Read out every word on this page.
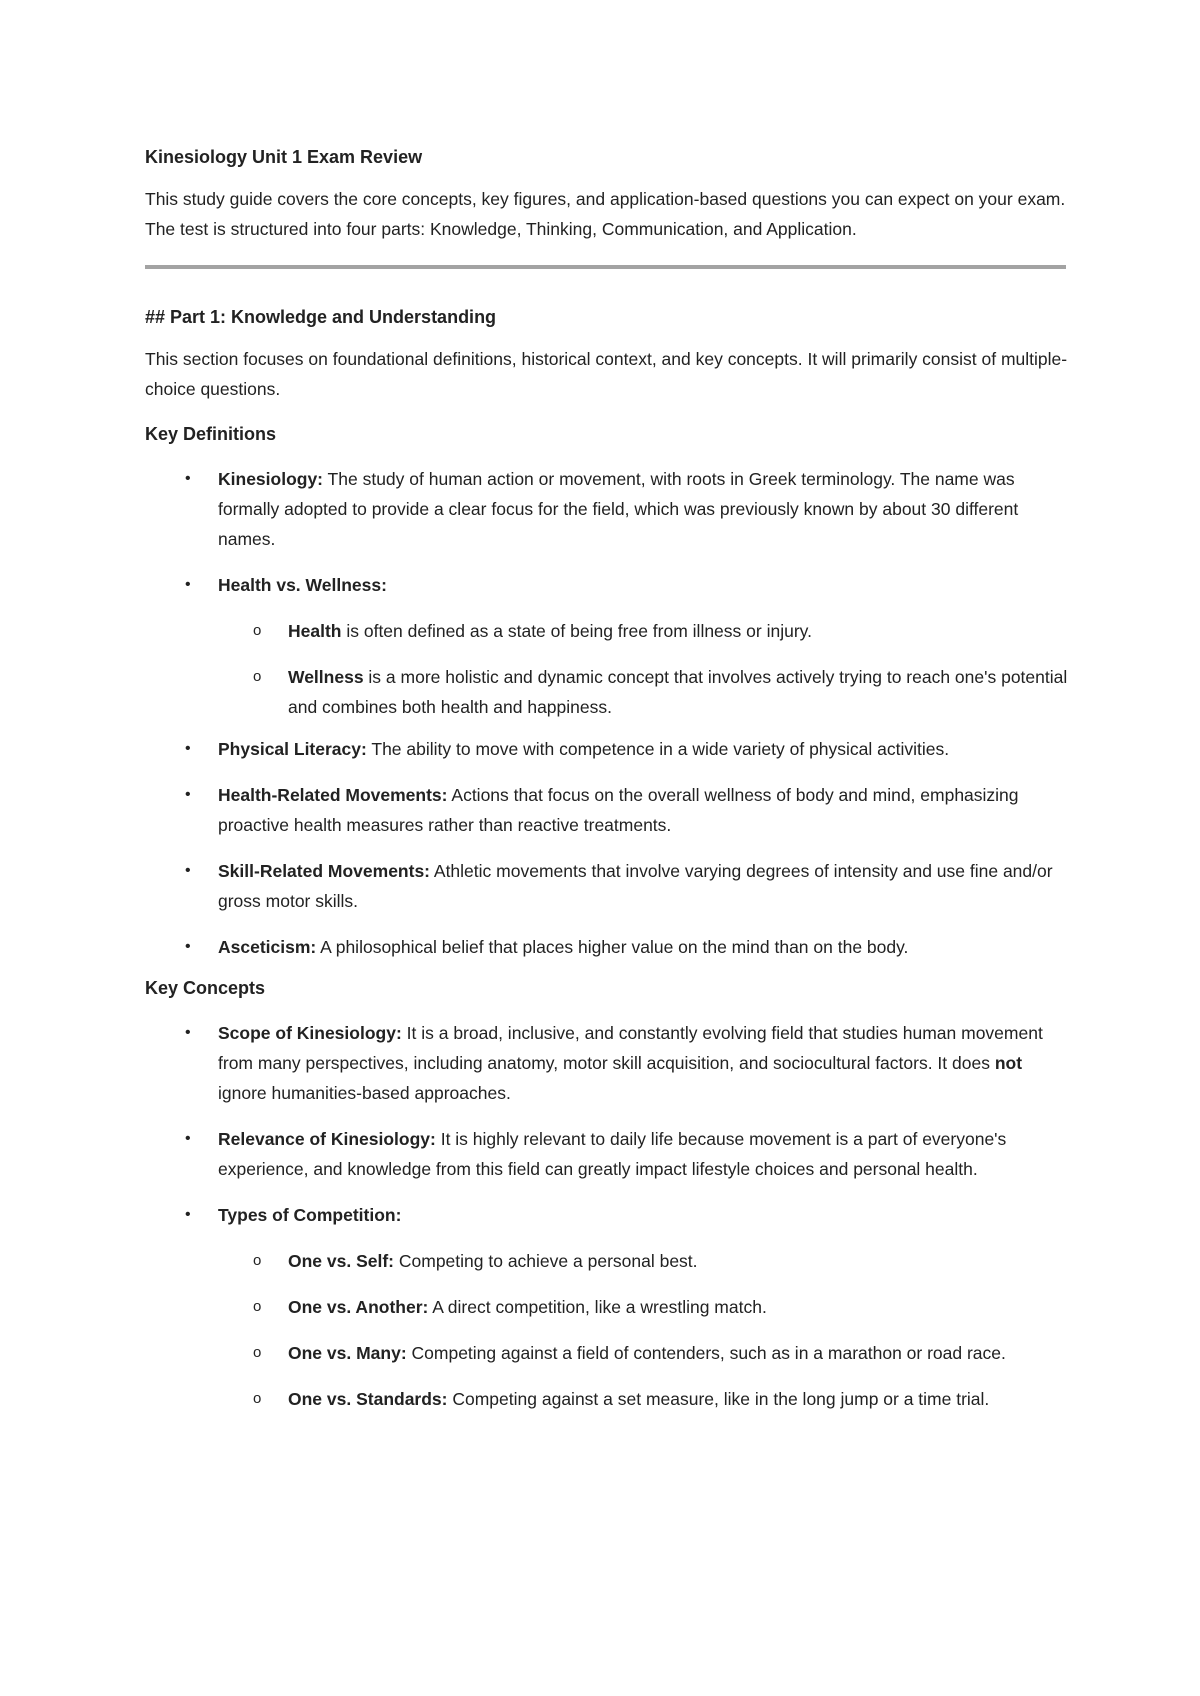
Kinesiology Unit 1 Exam Review

This study guide covers the core concepts, key figures, and application-based questions you can expect on your exam. The test is structured into four parts: Knowledge, Thinking, Communication, and Application.

## Part 1: Knowledge and Understanding

This section focuses on foundational definitions, historical context, and key concepts. It will primarily consist of multiple-choice questions.

Key Definitions

• Kinesiology: The study of human action or movement, with roots in Greek terminology. The name was formally adopted to provide a clear focus for the field, which was previously known by about 30 different names.
• Health vs. Wellness:
o	Health is often defined as a state of being free from illness or injury.
o	Wellness is a more holistic and dynamic concept that involves actively trying to reach one's potential and combines both health and happiness.
• Physical Literacy: The ability to move with competence in a wide variety of physical activities.
• Health-Related Movements: Actions that focus on the overall wellness of body and mind, emphasizing proactive health measures rather than reactive treatments.
• Skill-Related Movements: Athletic movements that involve varying degrees of intensity and use fine and/or gross motor skills.
• Asceticism: A philosophical belief that places higher value on the mind than on the body.

Key Concepts

• Scope of Kinesiology: It is a broad, inclusive, and constantly evolving field that studies human movement from many perspectives, including anatomy, motor skill acquisition, and sociocultural factors. It does not ignore humanities-based approaches.
• Relevance of Kinesiology: It is highly relevant to daily life because movement is a part of everyone's experience, and knowledge from this field can greatly impact lifestyle choices and personal health.
• Types of Competition:
o	One vs. Self: Competing to achieve a personal best.
o	One vs. Another: A direct competition, like a wrestling match.
o	One vs. Many: Competing against a field of contenders, such as in a marathon or road race.
o	One vs. Standards: Competing against a set measure, like in the long jump or a time trial.
